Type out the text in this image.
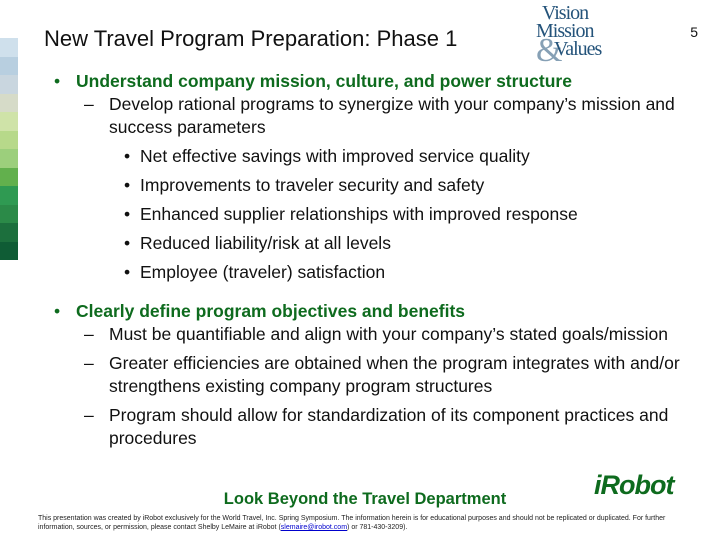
New Travel Program Preparation: Phase 1	5
&
Vision
Mission
Values
• Understand company mission, culture, and power structure
– Develop rational programs to synergize with your company’s mission and success parameters
• Net effective savings with improved service quality
• Improvements to traveler security and safety
• Enhanced supplier relationships with improved response
• Reduced liability/risk at all levels
• Employee (traveler) satisfaction
• Clearly define program objectives and benefits
– Must be quantifiable and align with your company’s stated goals/mission
– Greater efficiencies are obtained when the program integrates with and/or strengthens existing company program structures
– Program should allow for standardization of its component practices and procedures
Look Beyond the Travel Department	iRobot
This presentation was created by iRobot exclusively for the World Travel, Inc. Spring Symposium. The information herein is for educational purposes and should not be replicated or duplicated. For further information, sources, or permission, please contact Shelby LeMaire at iRobot (slemaire@irobot.com) or 781-430-3209).
